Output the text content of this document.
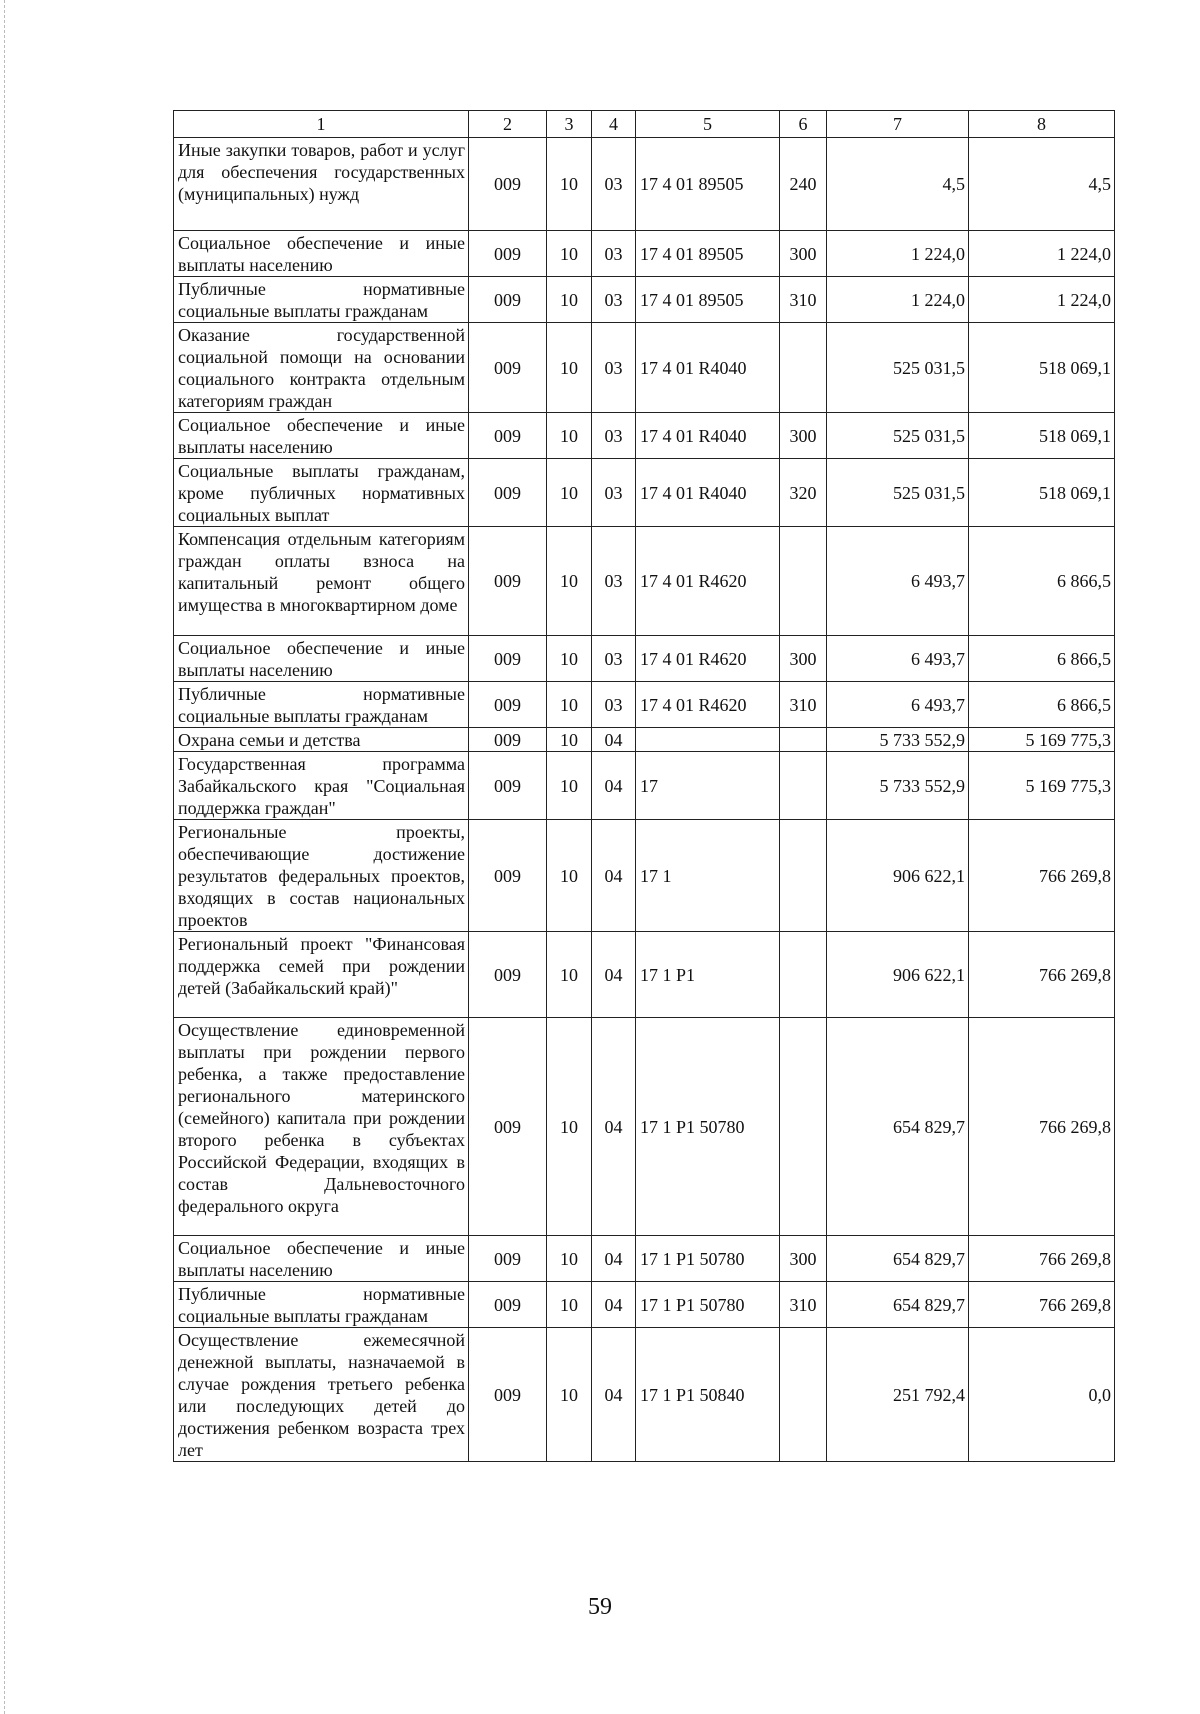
1	2	3	4	5	6	7	8
Иные закупки товаров, работ и услуг для обеспечения государственных (муниципальных) нужд	009	10	03	17 4 01 89505	240	4,5	4,5
Социальное обеспечение и иные выплаты населению	009	10	03	17 4 01 89505	300	1 224,0	1 224,0
Публичные нормативные социальные выплаты гражданам	009	10	03	17 4 01 89505	310	1 224,0	1 224,0
Оказание государственной социальной помощи на основании социального контракта отдельным категориям граждан	009	10	03	17 4 01 R4040		525 031,5	518 069,1
Социальное обеспечение и иные выплаты населению	009	10	03	17 4 01 R4040	300	525 031,5	518 069,1
Социальные выплаты гражданам, кроме публичных нормативных социальных выплат	009	10	03	17 4 01 R4040	320	525 031,5	518 069,1
Компенсация отдельным категориям граждан оплаты взноса на капитальный ремонт общего имущества в многоквартирном доме	009	10	03	17 4 01 R4620		6 493,7	6 866,5
Социальное обеспечение и иные выплаты населению	009	10	03	17 4 01 R4620	300	6 493,7	6 866,5
Публичные нормативные социальные выплаты гражданам	009	10	03	17 4 01 R4620	310	6 493,7	6 866,5
Охрана семьи и детства	009	10	04			5 733 552,9	5 169 775,3
Государственная программа Забайкальского края "Социальная поддержка граждан"	009	10	04	17		5 733 552,9	5 169 775,3
Региональные проекты, обеспечивающие достижение результатов федеральных проектов, входящих в состав национальных проектов	009	10	04	17 1		906 622,1	766 269,8
Региональный проект "Финансовая поддержка семей при рождении детей (Забайкальский край)"	009	10	04	17 1 P1		906 622,1	766 269,8
Осуществление единовременной выплаты при рождении первого ребенка, а также предоставление регионального материнского (семейного) капитала при рождении второго ребенка в субъектах Российской Федерации, входящих в состав Дальневосточного федерального округа	009	10	04	17 1 P1 50780		654 829,7	766 269,8
Социальное обеспечение и иные выплаты населению	009	10	04	17 1 P1 50780	300	654 829,7	766 269,8
Публичные нормативные социальные выплаты гражданам	009	10	04	17 1 P1 50780	310	654 829,7	766 269,8
Осуществление ежемесячной денежной выплаты, назначаемой в случае рождения третьего ребенка или последующих детей до достижения ребенком возраста трех лет	009	10	04	17 1 P1 50840		251 792,4	0,0
59
